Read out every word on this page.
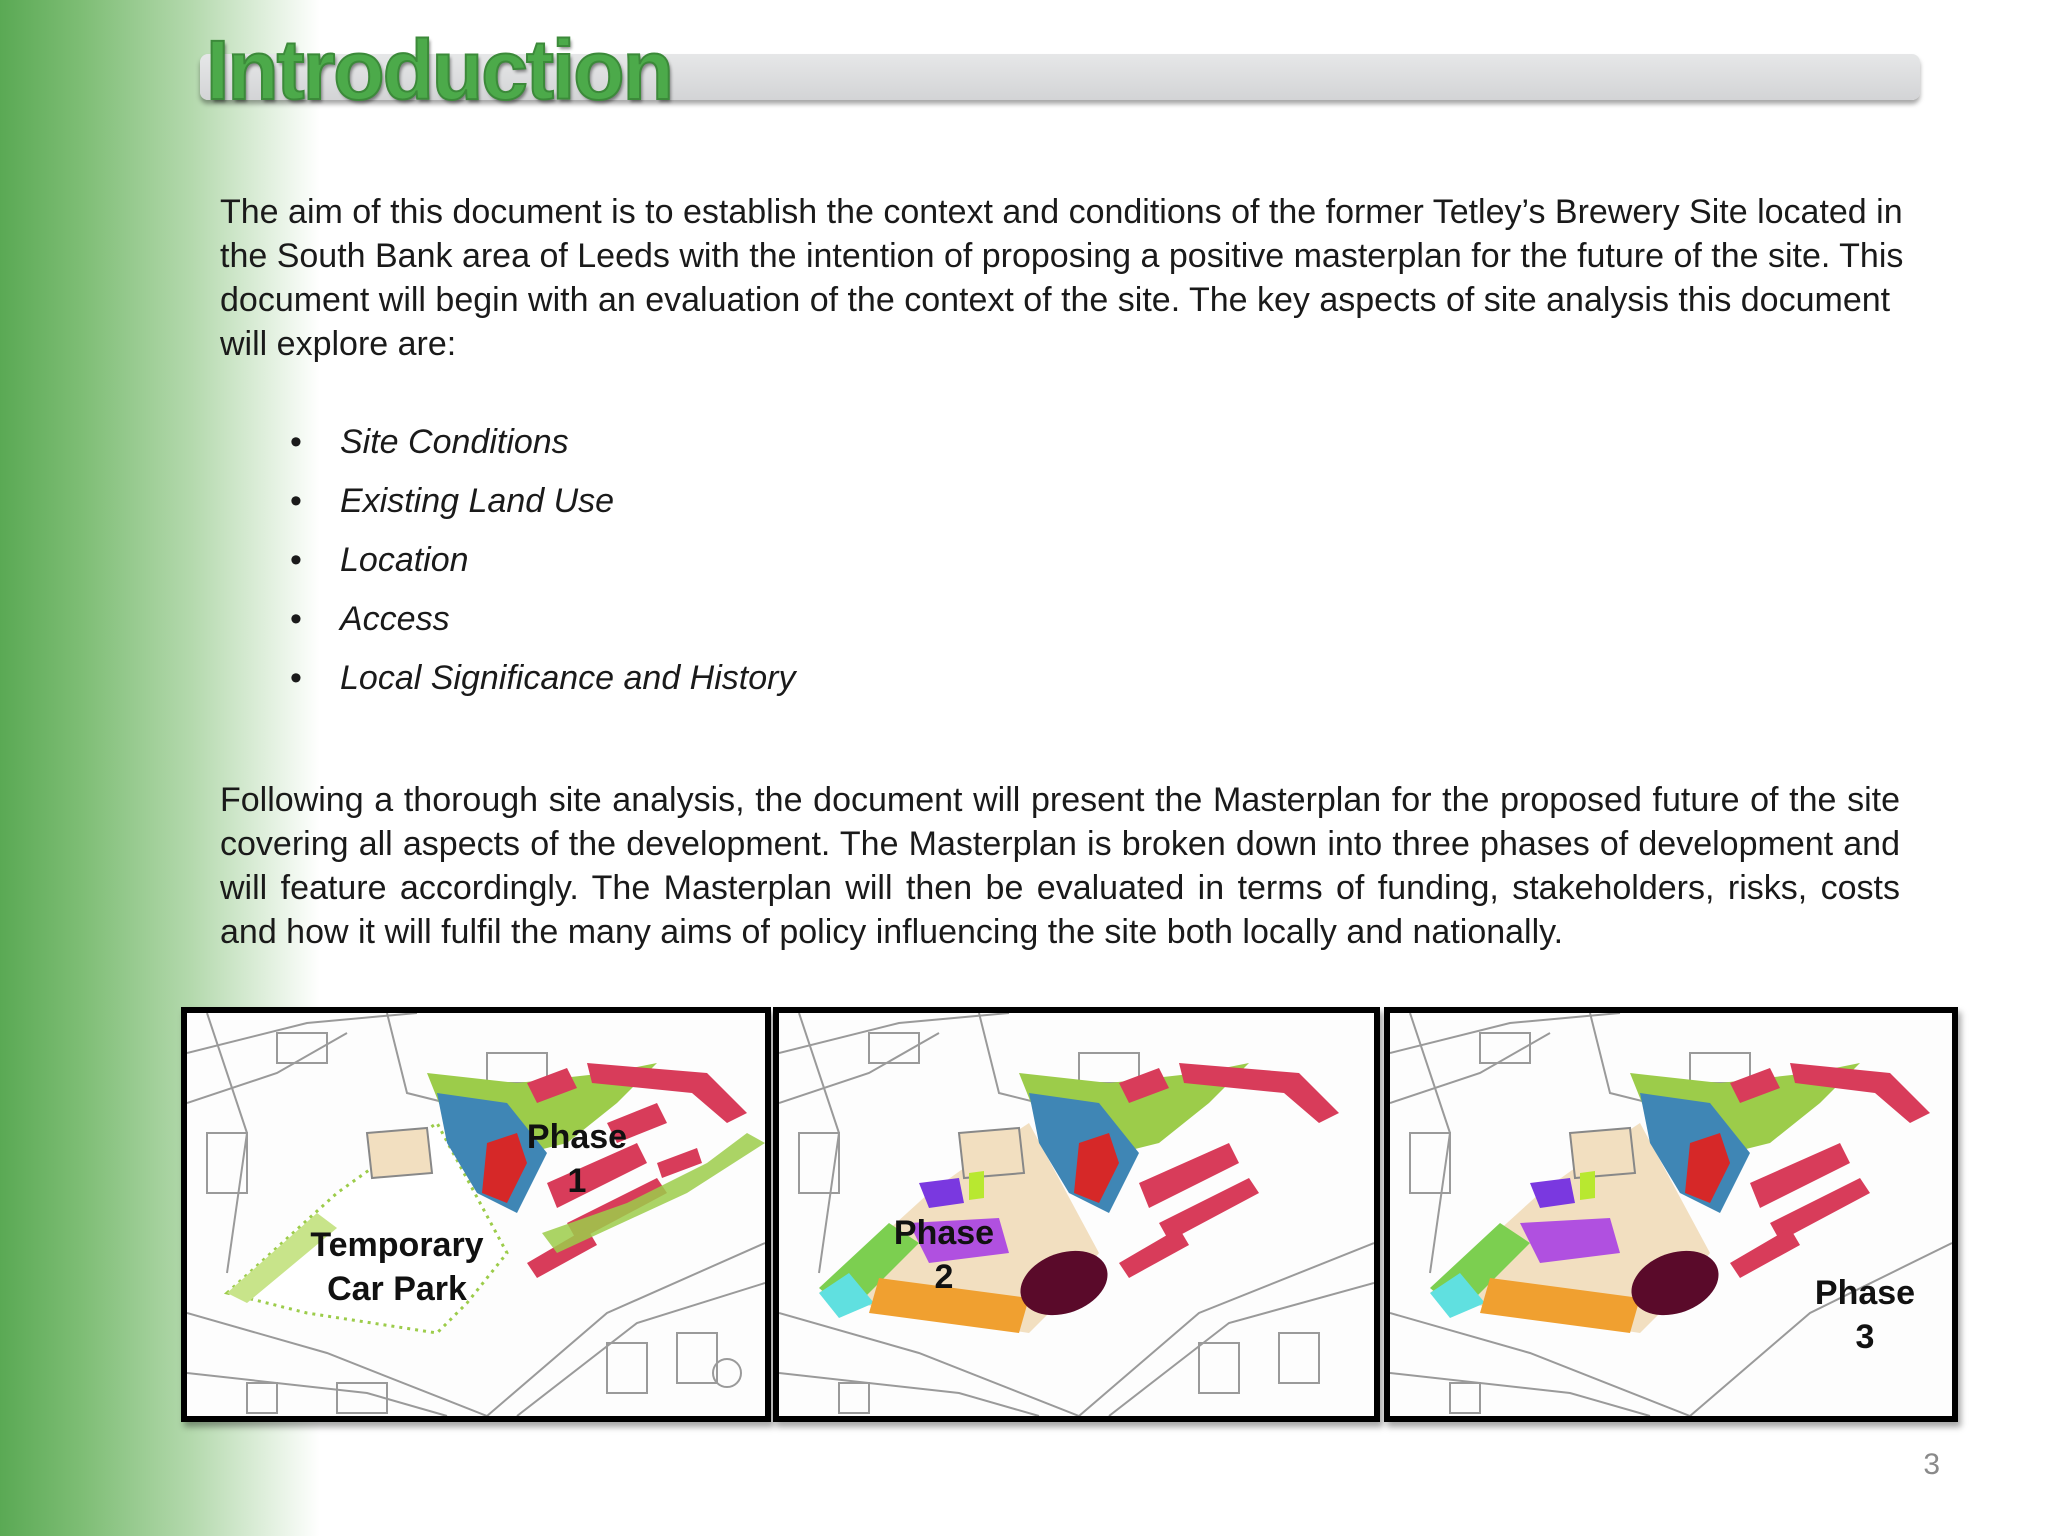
Introduction

The aim of this document is to establish the context and conditions of the former Tetley’s Brewery Site located in the South Bank area of Leeds with the intention of proposing a positive masterplan for the future of the site. This document will begin with an evaluation of the context of the site. The key aspects of site analysis this document will explore are:

• Site Conditions
• Existing Land Use
• Location
• Access
• Local Significance and History

Following a thorough site analysis, the document will present the Masterplan for the proposed future of the site covering all aspects of the development. The Masterplan is broken down into three phases of development and will feature accordingly. The Masterplan will then be evaluated in terms of funding, stakeholders, risks, costs and how it will fulfil the many aims of policy influencing the site both locally and nationally.

Phase
1
Temporary
Car Park
Phase
2	Phase
3
3
